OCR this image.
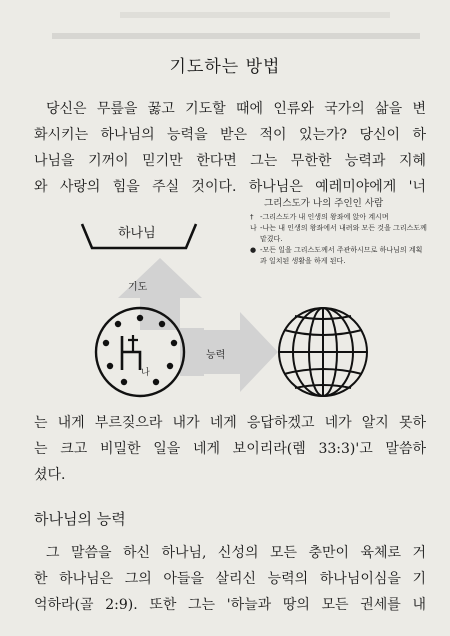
기도하는 방법
당신은 무릎을 꿇고 기도할 때에 인류와 국가의 삶을 변
화시키는 하나님의 능력을 받은 적이 있는가? 당신이 하
나님을 기꺼이 믿기만 한다면 그는 무한한 능력과 지혜
와 사랑의 힘을 주실 것이다. 하나님은 예레미야에게 '너
하나님
기도
능력
나
그리스도가 나의 주인인 사람
† -그리스도가 내 인생의 왕좌에 앉아 계시며
나 -나는 내 인생의 왕좌에서 내려와 모든 것을 그리스도께 맡겼다.
● -모든 일을 그리스도께서 주관하시므로 하나님의 계획과 일치된 생활을 하게 된다.
는 내게 부르짖으라 내가 네게 응답하겠고 네가 알지 못하
는 크고 비밀한 일을 네게 보이리라(렘 33:3)'고 말씀하
셨다.
하나님의 능력
그 말씀을 하신 하나님, 신성의 모든 충만이 육체로 거
한 하나님은 그의 아들을 살리신 능력의 하나님이심을 기
억하라(골 2:9). 또한 그는 '하늘과 땅의 모든 권세를 내
